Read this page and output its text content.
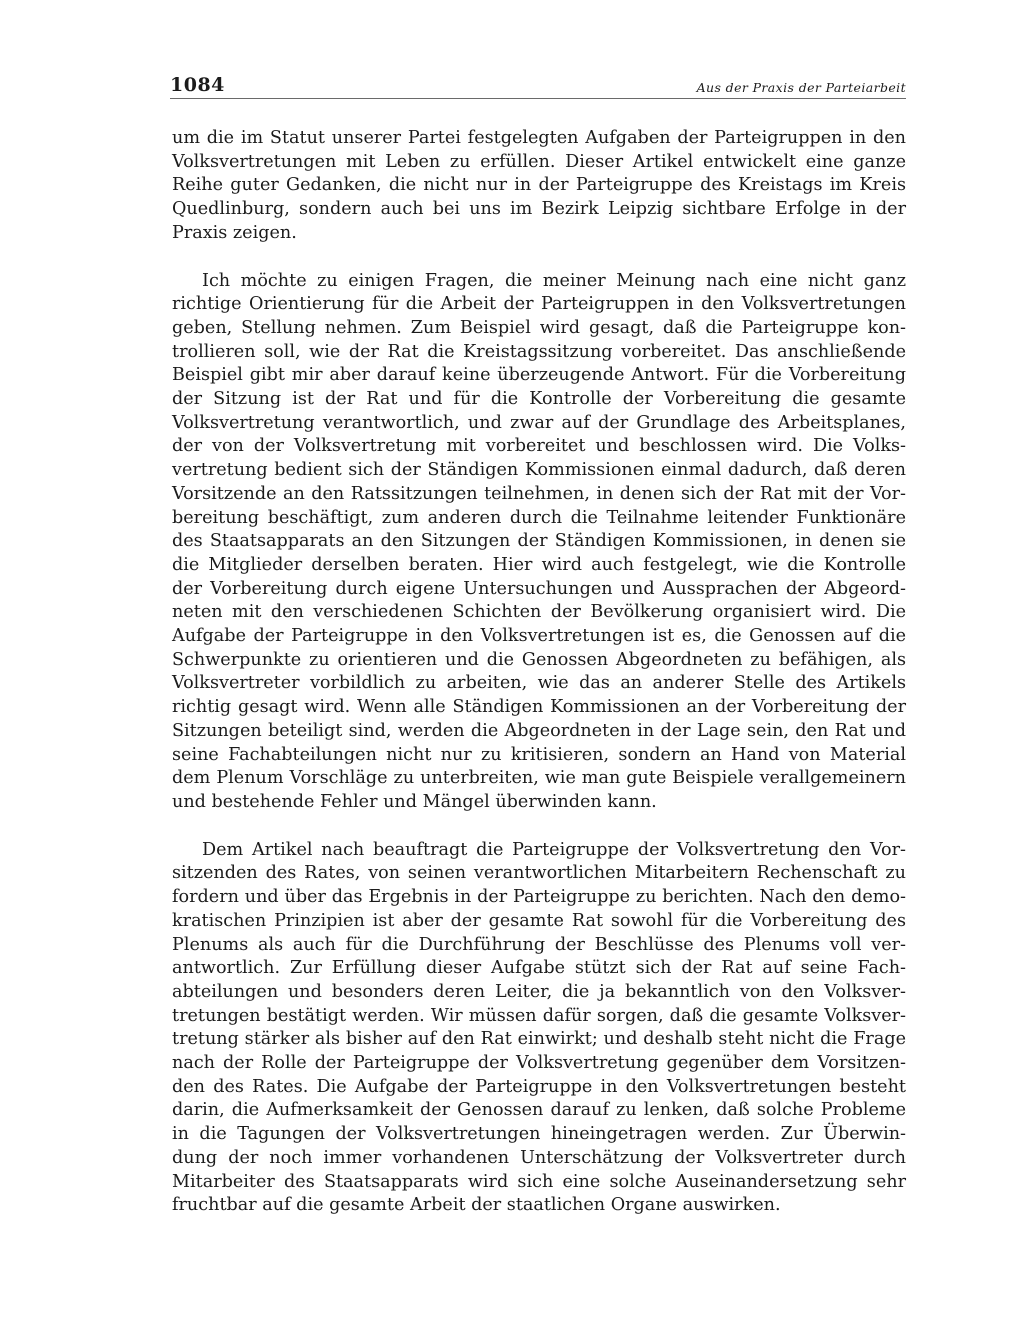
1084	Aus der Praxis der Parteiarbeit

um die im Statut unserer Partei festgelegten Aufgaben der Parteigruppen in den Volksvertretungen mit Leben zu erfüllen. Dieser Artikel entwickelt eine ganze Reihe guter Gedanken, die nicht nur in der Parteigruppe des Kreistags im Kreis Quedlinburg, sondern auch bei uns im Bezirk Leipzig sichtbare Erfolge in der Praxis zeigen.

Ich möchte zu einigen Fragen, die meiner Meinung nach eine nicht ganz richtige Orientierung für die Arbeit der Parteigruppen in den Volksvertretungen geben, Stellung nehmen. Zum Beispiel wird gesagt, daß die Parteigruppe kontrollieren soll, wie der Rat die Kreistagssitzung vorbereitet. Das anschließende Beispiel gibt mir aber darauf keine überzeugende Antwort. Für die Vorbereitung der Sitzung ist der Rat und für die Kontrolle der Vorbereitung die gesamte Volksvertretung verantwortlich, und zwar auf der Grundlage des Arbeitsplanes, der von der Volksvertretung mit vorbereitet und beschlossen wird. Die Volksvertretung bedient sich der Ständigen Kommissionen einmal dadurch, daß deren Vorsitzende an den Ratssitzungen teilnehmen, in denen sich der Rat mit der Vorbereitung beschäftigt, zum anderen durch die Teilnahme leitender Funktionäre des Staatsapparats an den Sitzungen der Ständigen Kommissionen, in denen sie die Mitglieder derselben beraten. Hier wird auch festgelegt, wie die Kontrolle der Vorbereitung durch eigene Untersuchungen und Aussprachen der Abgeordneten mit den verschiedenen Schichten der Bevölkerung organisiert wird. Die Aufgabe der Parteigruppe in den Volksvertretungen ist es, die Genossen auf die Schwerpunkte zu orientieren und die Genossen Abgeordneten zu befähigen, als Volksvertreter vorbildlich zu arbeiten, wie das an anderer Stelle des Artikels richtig gesagt wird. Wenn alle Ständigen Kommissionen an der Vorbereitung der Sitzungen beteiligt sind, werden die Abgeordneten in der Lage sein, den Rat und seine Fachabteilungen nicht nur zu kritisieren, sondern an Hand von Material dem Plenum Vorschläge zu unterbreiten, wie man gute Beispiele verallgemeinern und bestehende Fehler und Mängel überwinden kann.

Dem Artikel nach beauftragt die Parteigruppe der Volksvertretung den Vorsitzenden des Rates, von seinen verantwortlichen Mitarbeitern Rechenschaft zu fordern und über das Ergebnis in der Parteigruppe zu berichten. Nach den demokratischen Prinzipien ist aber der gesamte Rat sowohl für die Vorbereitung des Plenums als auch für die Durchführung der Beschlüsse des Plenums voll verantwortlich. Zur Erfüllung dieser Aufgabe stützt sich der Rat auf seine Fachabteilungen und besonders deren Leiter, die ja bekanntlich von den Volksvertretungen bestätigt werden. Wir müssen dafür sorgen, daß die gesamte Volksvertretung stärker als bisher auf den Rat einwirkt; und deshalb steht nicht die Frage nach der Rolle der Parteigruppe der Volksvertretung gegenüber dem Vorsitzenden des Rates. Die Aufgabe der Parteigruppe in den Volksvertretungen besteht darin, die Aufmerksamkeit der Genossen darauf zu lenken, daß solche Probleme in die Tagungen der Volksvertretungen hineingetragen werden. Zur Überwindung der noch immer vorhandenen Unterschätzung der Volksvertreter durch Mitarbeiter des Staatsapparats wird sich eine solche Auseinandersetzung sehr fruchtbar auf die gesamte Arbeit der staatlichen Organe auswirken.
